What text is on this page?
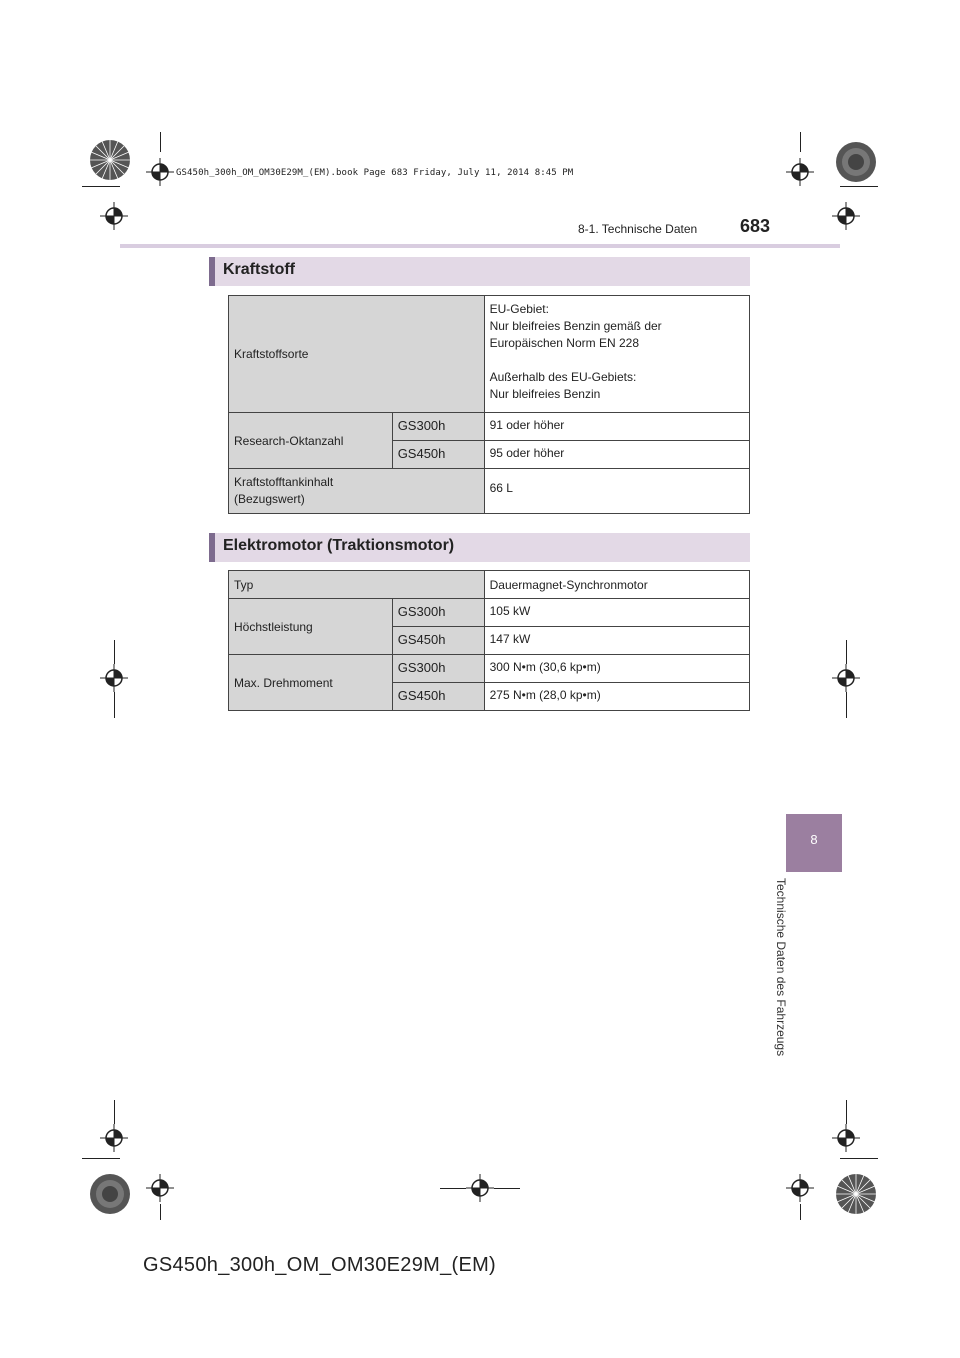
GS450h_300h_OM_OM30E29M_(EM).book Page 683 Friday, July 11, 2014 8:45 PM
8-1. Technische Daten 683
Kraftstoff
Kraftstoffsorte		EU-Gebiet:
Nur bleifreies Benzin gemäß der
Europäischen Norm EN 228

Außerhalb des EU-Gebiets:
Nur bleifreies Benzin

Research-Oktanzahl	GS300h	91 oder höher
	GS450h	95 oder höher

Kraftstofftankinhalt
(Bezugswert)		66 L
Elektromotor (Traktionsmotor)
Typ		Dauermagnet-Synchronmotor
Höchstleistung	GS300h	105 kW
	GS450h	147 kW
Max. Drehmoment	GS300h	300 N•m (30,6 kp•m)
	GS450h	275 N•m (28,0 kp•m)
8
Technische Daten des Fahrzeugs
GS450h_300h_OM_OM30E29M_(EM)
